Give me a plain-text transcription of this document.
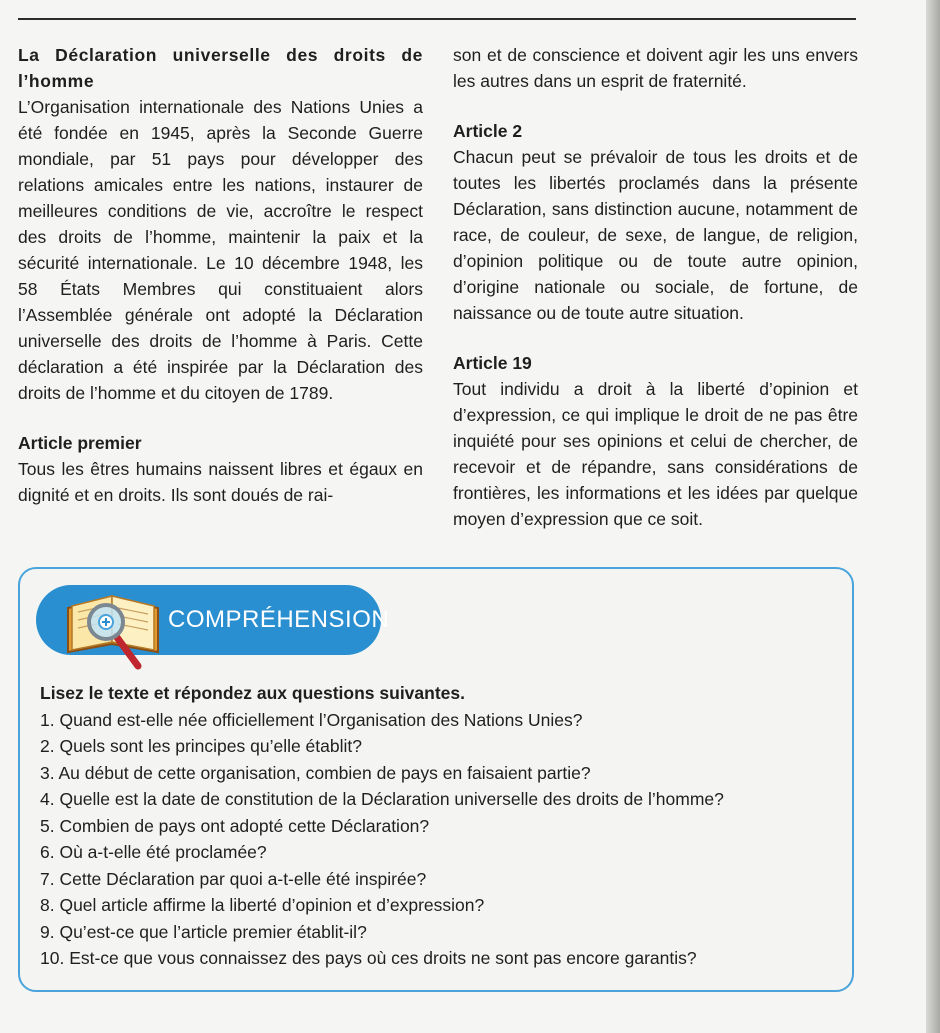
La Déclaration universelle des droits de l’homme

L’Organisation internationale des Nations Unies a été fondée en 1945, après la Seconde Guerre mondiale, par 51 pays pour développer des relations amicales entre les nations, instaurer de meilleures conditions de vie, accroître le respect des droits de l’homme, maintenir la paix et la sécurité internationale. Le 10 décembre 1948, les 58 États Membres qui constituaient alors l’Assemblée générale ont adopté la Déclaration universelle des droits de l’homme à Paris. Cette déclaration a été inspirée par la Déclaration des droits de l’homme et du citoyen de 1789.

Article premier

Tous les êtres humains naissent libres et égaux en dignité et en droits. Ils sont doués de rai-

son et de conscience et doivent agir les uns envers les autres dans un esprit de fraternité.

Article 2

Chacun peut se prévaloir de tous les droits et de toutes les libertés proclamés dans la présente Déclaration, sans distinction aucune, notamment de race, de couleur, de sexe, de langue, de religion, d’opinion politique ou de toute autre opinion, d’origine nationale ou sociale, de fortune, de naissance ou de toute autre situation.

Article 19

Tout individu a droit à la liberté d’opinion et d’expression, ce qui implique le droit de ne pas être inquiété pour ses opinions et celui de chercher, de recevoir et de répandre, sans considérations de frontières, les informations et les idées par quelque moyen d’expression que ce soit.

COMPRÉHENSION
Lisez le texte et répondez aux questions suivantes.
1. Quand est-elle née officiellement l’Organisation des Nations Unies?
2. Quels sont les principes qu’elle établit?
3. Au début de cette organisation, combien de pays en faisaient partie?
4. Quelle est la date de constitution de la Déclaration universelle des droits de l’homme?
5. Combien de pays ont adopté cette Déclaration?
6. Où a-t-elle été proclamée?
7. Cette Déclaration par quoi a-t-elle été inspirée?
8. Quel article affirme la liberté d’opinion et d’expression?
9. Qu’est-ce que l’article premier établit-il?
10. Est-ce que vous connaissez des pays où ces droits ne sont pas encore garantis?
